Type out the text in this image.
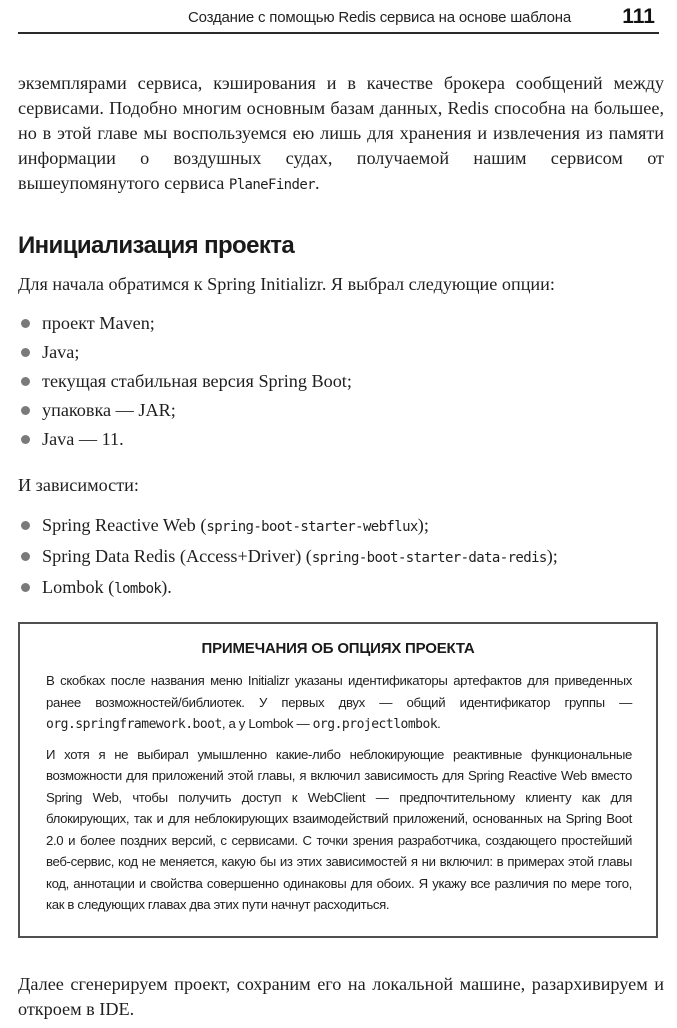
Создание с помощью Redis сервиса на основе шаблона 111
экземплярами сервиса, кэширования и в качестве брокера сообщений между сервисами. Подобно многим основным базам данных, Redis способна на большее, но в этой главе мы воспользуемся ею лишь для хранения и извлечения из памяти информации о воздушных судах, получаемой нашим сервисом от вышеупомянутого сервиса PlaneFinder.
Инициализация проекта
Для начала обратимся к Spring Initializr. Я выбрал следующие опции:
проект Maven;
Java;
текущая стабильная версия Spring Boot;
упаковка — JAR;
Java — 11.
И зависимости:
Spring Reactive Web (spring-boot-starter-webflux);
Spring Data Redis (Access+Driver) (spring-boot-starter-data-redis);
Lombok (lombok).
ПРИМЕЧАНИЯ ОБ ОПЦИЯХ ПРОЕКТА

В скобках после названия меню Initializr указаны идентификаторы артефактов для приведенных ранее возможностей/библиотек. У первых двух — общий идентификатор группы — org.springframework.boot, а у Lombok — org.projectlombok.

И хотя я не выбирал умышленно какие-либо неблокирующие реактивные функциональные возможности для приложений этой главы, я включил зависимость для Spring Reactive Web вместо Spring Web, чтобы получить доступ к WebClient — предпочтительному клиенту как для блокирующих, так и для неблокирующих взаимодействий приложений, основанных на Spring Boot 2.0 и более поздних версий, с сервисами. С точки зрения разработчика, создающего простейший веб-сервис, код не меняется, какую бы из этих зависимостей я ни включил: в примерах этой главы код, аннотации и свойства совершенно одинаковы для обоих. Я укажу все различия по мере того, как в следующих главах два этих пути начнут расходиться.

Далее сгенерируем проект, сохраним его на локальной машине, разархивируем и откроем в IDE.
